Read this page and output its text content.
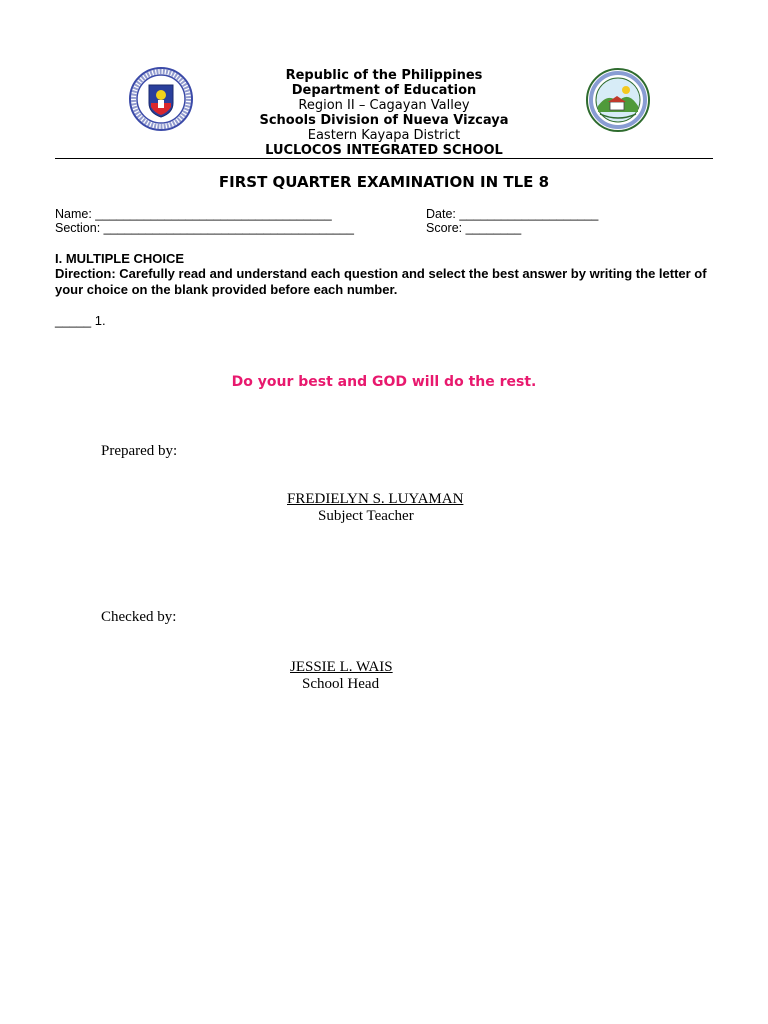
Republic of the Philippines
Department of Education
Region II – Cagayan Valley
Schools Division of Nueva Vizcaya
Eastern Kayapa District
LUCLOCOS INTEGRATED SCHOOL
FIRST QUARTER EXAMINATION IN TLE 8
Name: __________________________________
Section: ____________________________________
Date: ____________________
Score: ________
I. MULTIPLE CHOICE
Direction: Carefully read and understand each question and select the best answer by writing the letter of your choice on the blank provided before each number.
_____ 1.
Do your best and GOD will do the rest.
Prepared by:
FREDIELYN S. LUYAMAN
Subject Teacher
Checked by:
JESSIE L. WAIS
School Head
